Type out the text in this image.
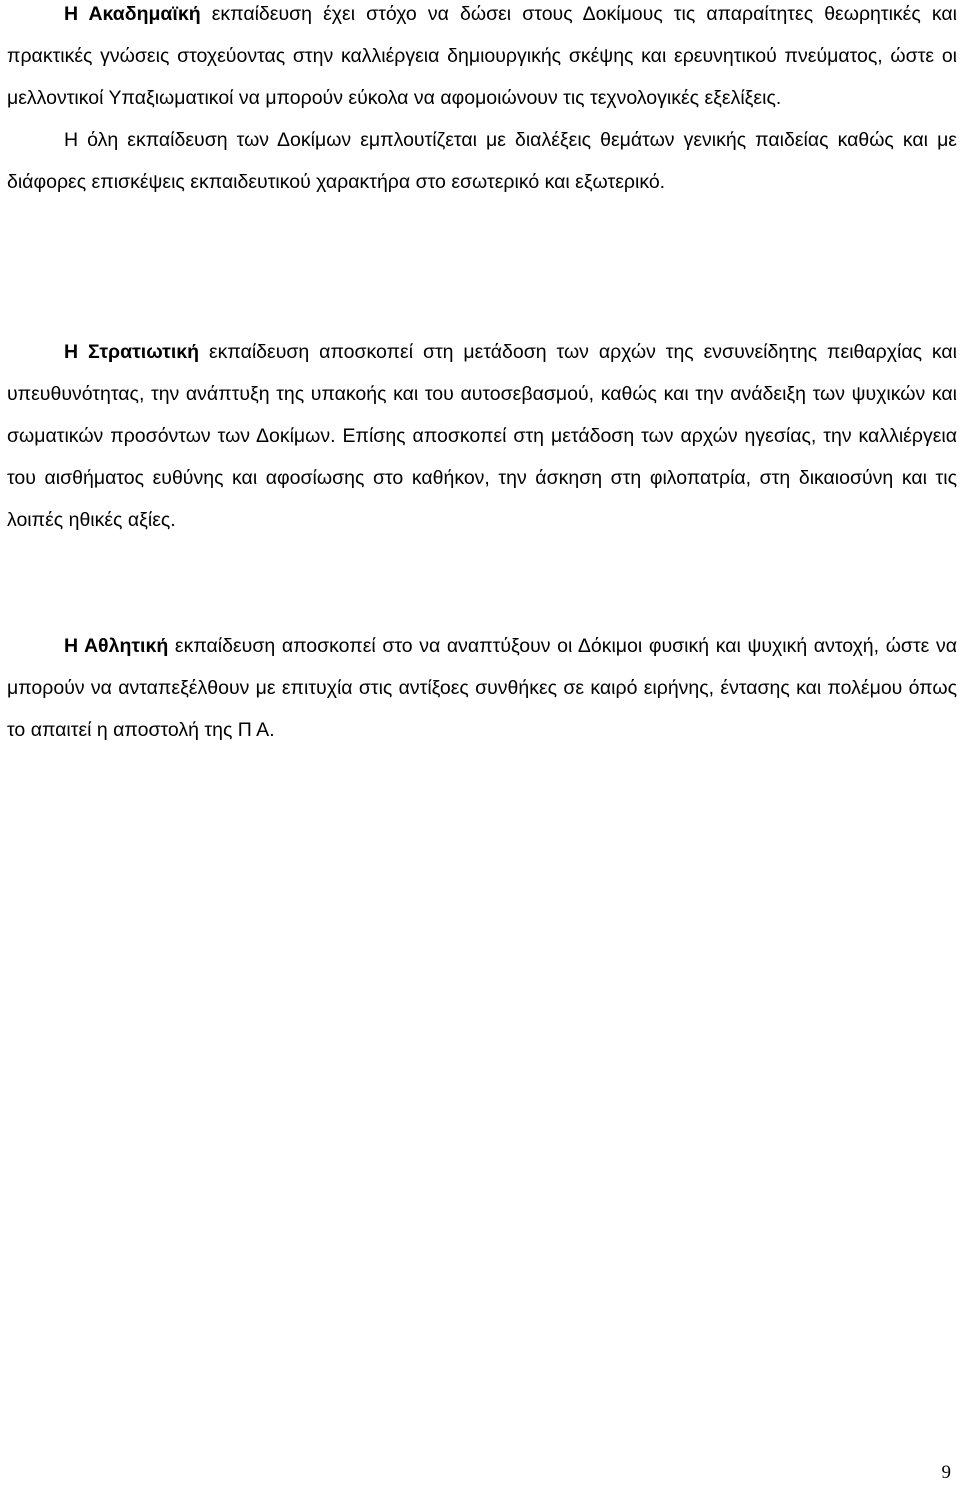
Η Ακαδημαϊκή εκπαίδευση έχει στόχο να δώσει στους Δοκίμους τις απαραίτητες θεωρητικές και πρακτικές γνώσεις στοχεύοντας στην καλλιέργεια δημιουργικής σκέψης και ερευνητικού πνεύματος, ώστε οι μελλοντικοί Υπαξιωματικοί να μπορούν εύκολα να αφομοιώνουν τις τεχνολογικές εξελίξεις.
Η όλη εκπαίδευση των Δοκίμων εμπλουτίζεται με διαλέξεις θεμάτων γενικής παιδείας καθώς και με διάφορες επισκέψεις εκπαιδευτικού χαρακτήρα στο εσωτερικό και εξωτερικό.

Η Στρατιωτική εκπαίδευση αποσκοπεί στη μετάδοση των αρχών της ενσυνείδητης πειθαρχίας και υπευθυνότητας, την ανάπτυξη της υπακοής και του αυτοσεβασμού, καθώς και την ανάδειξη των ψυχικών και σωματικών προσόντων των Δοκίμων. Επίσης αποσκοπεί στη μετάδοση των αρχών ηγεσίας, την καλλιέργεια του αισθήματος ευθύνης και αφοσίωσης στο καθήκον, την άσκηση στη φιλοπατρία, στη δικαιοσύνη και τις λοιπές ηθικές αξίες.

Η Αθλητική εκπαίδευση αποσκοπεί στο να αναπτύξουν οι Δόκιμοι φυσική και ψυχική αντοχή, ώστε να μπορούν να ανταπεξέλθουν με επιτυχία στις αντίξοες συνθήκες σε καιρό ειρήνης, έντασης και πολέμου όπως το απαιτεί η αποστολή της Π Α.

9
